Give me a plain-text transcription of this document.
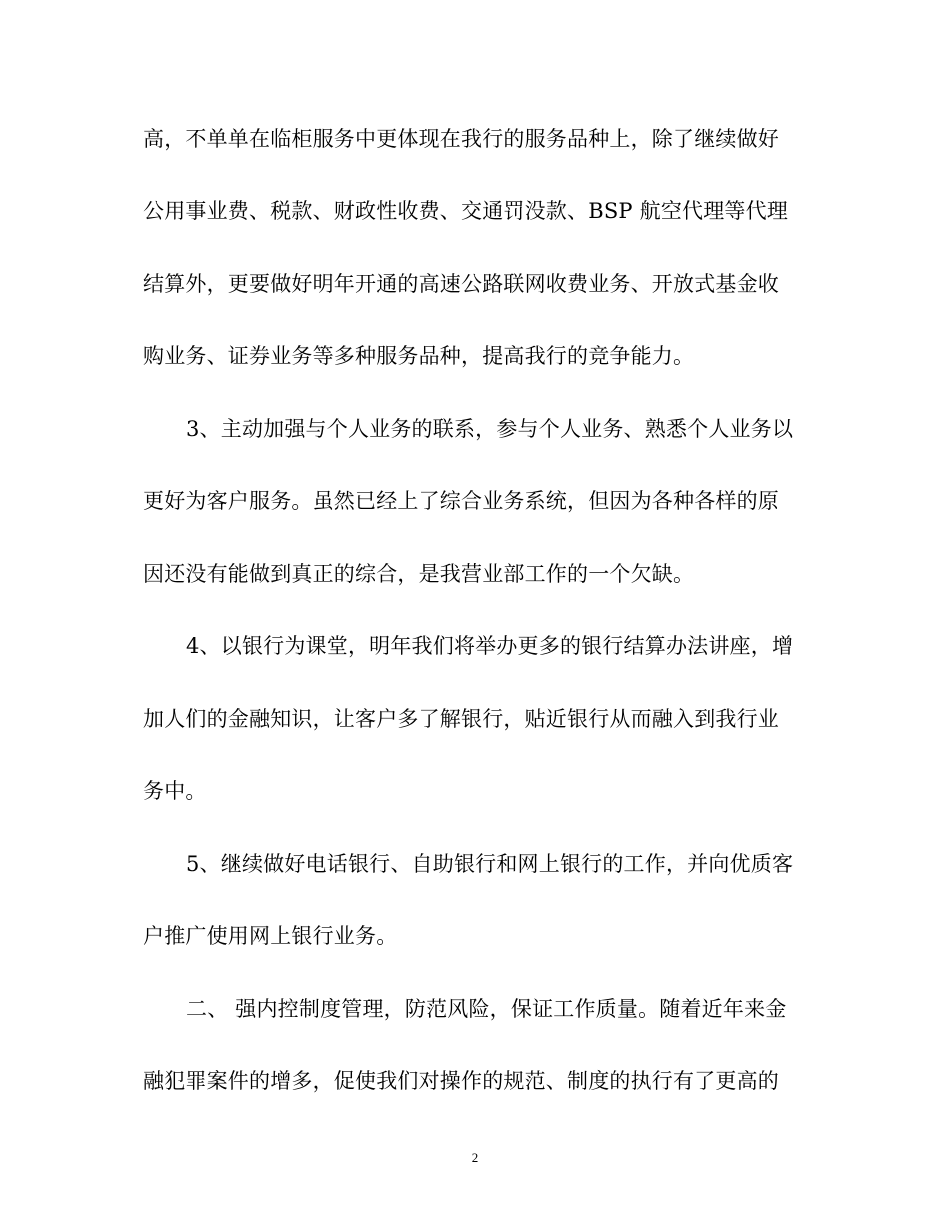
高，不单单在临柜服务中更体现在我行的服务品种上，除了继续做好
公用事业费、税款、财政性收费、交通罚没款、BSP 航空代理等代理
结算外，更要做好明年开通的高速公路联网收费业务、开放式基金收
购业务、证券业务等多种服务品种，提高我行的竞争能力。
3、主动加强与个人业务的联系，参与个人业务、熟悉个人业务以
更好为客户服务。虽然已经上了综合业务系统，但因为各种各样的原
因还没有能做到真正的综合，是我营业部工作的一个欠缺。
4、以银行为课堂，明年我们将举办更多的银行结算办法讲座，增
加人们的金融知识，让客户多了解银行，贴近银行从而融入到我行业
务中。
5、继续做好电话银行、自助银行和网上银行的工作，并向优质客
户推广使用网上银行业务。
二、 强内控制度管理，防范风险，保证工作质量。随着近年来金
融犯罪案件的增多，促使我们对操作的规范、制度的执行有了更高的
2
